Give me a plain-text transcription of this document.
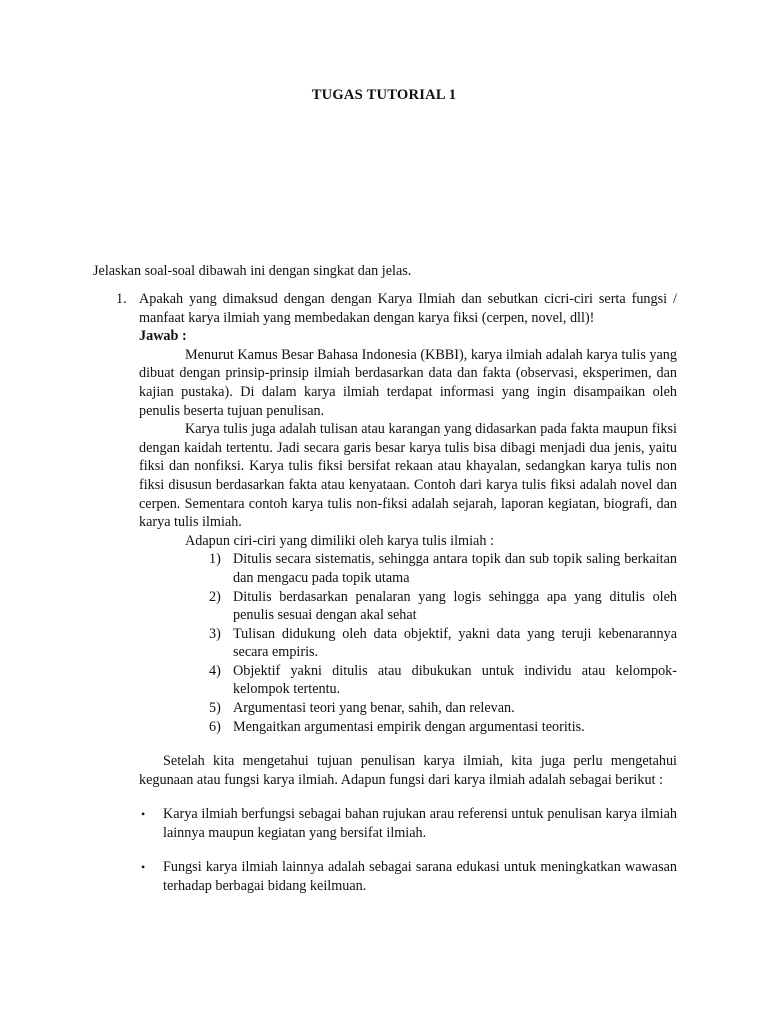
TUGAS TUTORIAL 1
Jelaskan soal-soal dibawah ini dengan singkat dan jelas.
1. Apakah yang dimaksud dengan dengan Karya Ilmiah dan sebutkan cicri-ciri serta fungsi / manfaat karya ilmiah yang membedakan dengan karya fiksi (cerpen, novel, dll)!
Jawab :
Menurut Kamus Besar Bahasa Indonesia (KBBI), karya ilmiah adalah karya tulis yang dibuat dengan prinsip-prinsip ilmiah berdasarkan data dan fakta (observasi, eksperimen, dan kajian pustaka). Di dalam karya ilmiah terdapat informasi yang ingin disampaikan oleh penulis beserta tujuan penulisan.
Karya tulis juga adalah tulisan atau karangan yang didasarkan pada fakta maupun fiksi dengan kaidah tertentu. Jadi secara garis besar karya tulis bisa dibagi menjadi dua jenis, yaitu fiksi dan nonfiksi. Karya tulis fiksi bersifat rekaan atau khayalan, sedangkan karya tulis non fiksi disusun berdasarkan fakta atau kenyataan. Contoh dari karya tulis fiksi adalah novel dan cerpen. Sementara contoh karya tulis non-fiksi adalah sejarah, laporan kegiatan, biografi, dan karya tulis ilmiah.
Adapun ciri-ciri yang dimiliki oleh karya tulis ilmiah :
1) Ditulis secara sistematis, sehingga antara topik dan sub topik saling berkaitan dan mengacu pada topik utama
2) Ditulis berdasarkan penalaran yang logis sehingga apa yang ditulis oleh penulis sesuai dengan akal sehat
3) Tulisan didukung oleh data objektif, yakni data yang teruji kebenarannya secara empiris.
4) Objektif yakni ditulis atau dibukukan untuk individu atau kelompok-kelompok tertentu.
5) Argumentasi teori yang benar, sahih, dan relevan.
6) Mengaitkan argumentasi empirik dengan argumentasi teoritis.
Setelah kita mengetahui tujuan penulisan karya ilmiah, kita juga perlu mengetahui kegunaan atau fungsi karya ilmiah. Adapun fungsi dari karya ilmiah adalah sebagai berikut :
•	Karya ilmiah berfungsi sebagai bahan rujukan arau referensi untuk penulisan karya ilmiah lainnya maupun kegiatan yang bersifat ilmiah.
•	Fungsi karya ilmiah lainnya adalah sebagai sarana edukasi untuk meningkatkan wawasan terhadap berbagai bidang keilmuan.
